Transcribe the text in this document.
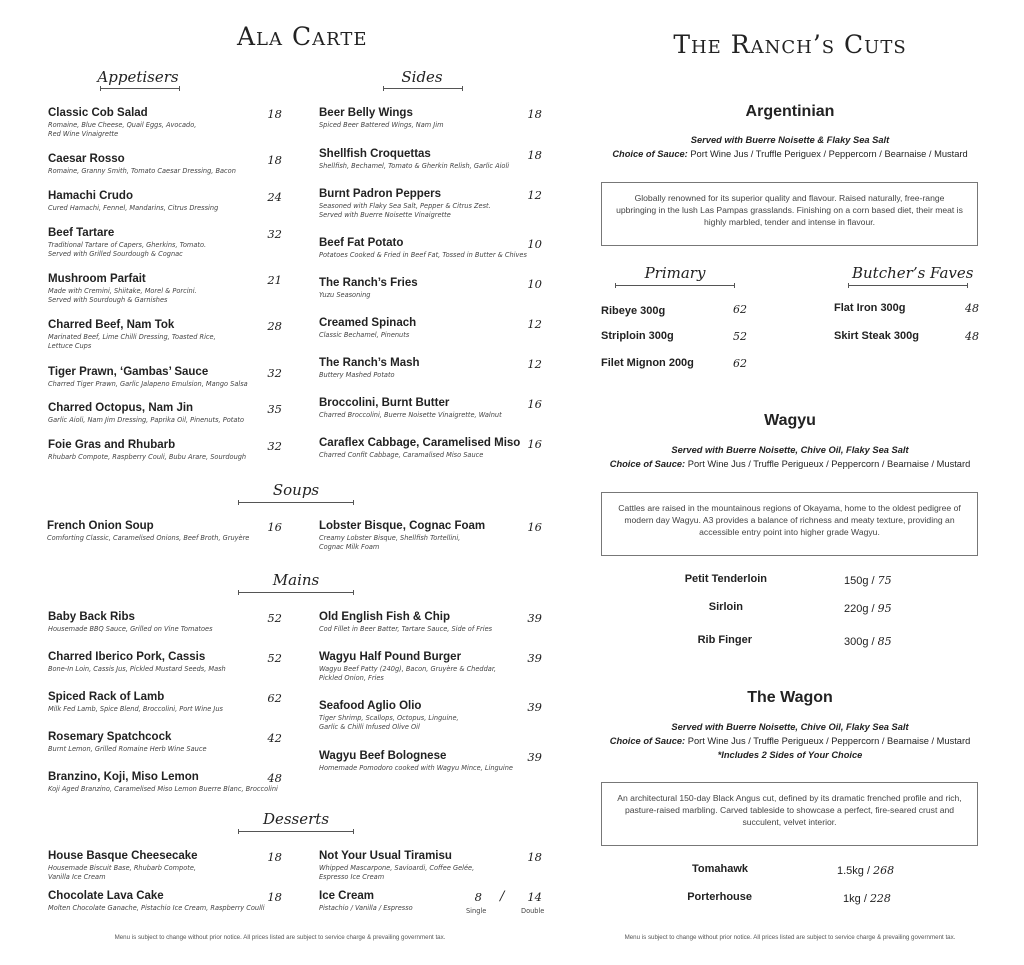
Ala Carte
Appetisers	Sides
Classic Cob Salad
Romaine, Blue Cheese, Quail Eggs, Avocado,
Red Wine Vinaigrette
18
Caesar Rosso
Romaine, Granny Smith, Tomato Caesar Dressing, Bacon
18
Hamachi Crudo
Cured Hamachi, Fennel, Mandarins, Citrus Dressing
24
Beef Tartare
Traditional Tartare of Capers, Gherkins, Tomato.
Served with Grilled Sourdough & Cognac
32
Mushroom Parfait
Made with Cremini, Shiitake, Morel & Porcini.
Served with Sourdough & Garnishes
21
Charred Beef, Nam Tok
Marinated Beef, Lime Chilli Dressing, Toasted Rice,
Lettuce Cups
28
Tiger Prawn, ‘Gambas’ Sauce
Charred Tiger Prawn, Garlic Jalapeno Emulsion, Mango Salsa
32
Charred Octopus, Nam Jin
Garlic Aioli, Nam Jim Dressing, Paprika Oil, Pinenuts, Potato
35
Foie Gras and Rhubarb
Rhubarb Compote, Raspberry Couli, Bubu Arare, Sourdough
32
Beer Belly Wings
Spiced Beer Battered Wings, Nam Jim
18
Shellfish Croquettas
Shellfish, Bechamel, Tomato & Gherkin Relish, Garlic Aioli
18
Burnt Padron Peppers
Seasoned with Flaky Sea Salt, Pepper & Citrus Zest.
Served with Buerre Noisette Vinaigrette
12
Beef Fat Potato
Potatoes Cooked & Fried in Beef Fat, Tossed in Butter & Chives
10
The Ranch’s Fries
Yuzu Seasoning
10
Creamed Spinach
Classic Bechamel, Pinenuts
12
The Ranch’s Mash
Buttery Mashed Potato
12
Broccolini, Burnt Butter
Charred Broccolini, Buerre Noisette Vinaigrette, Walnut
16
Caraflex Cabbage, Caramelised Miso
Charred Confit Cabbage, Caramalised Miso Sauce
16
Soups
French Onion Soup
Comforting Classic, Caramelised Onions, Beef Broth, Gruyère
16	Lobster Bisque, Cognac Foam
Creamy Lobster Bisque, Shellfish Tortellini,
Cognac Milk Foam
16
Mains
Baby Back Ribs
Housemade BBQ Sauce, Grilled on Vine Tomatoes
52
Charred Iberico Pork, Cassis
Bone-In Loin, Cassis Jus, Pickled Mustard Seeds, Mash
52
Spiced Rack of Lamb
Milk Fed Lamb, Spice Blend, Broccolini, Port Wine Jus
62
Rosemary Spatchcock
Burnt Lemon, Grilled Romaine Herb Wine Sauce
42
Branzino, Koji, Miso Lemon
Koji Aged Branzino, Caramelised Miso Lemon Buerre Blanc, Broccolini
48
Old English Fish & Chip
Cod Fillet in Beer Batter, Tartare Sauce, Side of Fries
39
Wagyu Half Pound Burger
Wagyu Beef Patty (240g), Bacon, Gruyère & Cheddar,
Pickled Onion, Fries
39
Seafood Aglio Olio
Tiger Shrimp, Scallops, Octopus, Linguine,
Garlic & Chilli Infused Olive Oil
39
Wagyu Beef Bolognese
Homemade Pomodoro cooked with Wagyu Mince, Linguine
39
Desserts
House Basque Cheesecake
Housemade Biscuit Base, Rhubarb Compote,
Vanilla Ice Cream
18
Chocolate Lava Cake
Molten Chocolate Ganache, Pistachio Ice Cream, Raspberry Coulli
18
Not Your Usual Tiramisu
Whipped Mascarpone, Savioardi, Coffee Gelée,
Espresso Ice Cream
18
Ice Cream
Pistachio / Vanilla / Espresso
8 /	14
Single	Double
Menu is subject to change without prior notice. All prices listed are subject to service charge & prevailing government tax.
The Ranch’s Cuts
Argentinian
Served with Buerre Noisette & Flaky Sea Salt
Choice of Sauce: Port Wine Jus / Truffle Periguex / Peppercorn / Bearnaise / Mustard
Globally renowned for its superior quality and flavour. Raised naturally, free-range upbringing in the lush Las Pampas grasslands. Finishing on a corn based diet, their meat is highly marbled, tender and intense in flavour.
Primary	Butcher’s Faves
Ribeye 300g	62
Striploin 300g	52
Filet Mignon 200g	62
Flat Iron 300g	48
Skirt Steak 300g	48
Wagyu
Served with Buerre Noisette, Chive Oil, Flaky Sea Salt
Choice of Sauce: Port Wine Jus / Truffle Perigueux / Peppercorn / Bearnaise / Mustard
Cattles are raised in the mountainous regions of Okayama, home to the oldest pedigree of modern day Wagyu. A3 provides a balance of richness and meaty texture, providing an accessible entry point into higher grade Wagyu.
Petit Tenderloin	150g / 75
Sirloin	220g / 95
Rib Finger	300g / 85
The Wagon
Served with Buerre Noisette, Chive Oil, Flaky Sea Salt
Choice of Sauce: Port Wine Jus / Truffle Perigueux / Peppercorn / Bearnaise / Mustard
*Includes 2 Sides of Your Choice
An architectural 150-day Black Angus cut, defined by its dramatic frenched profile and rich, pasture-raised marbling. Carved tableside to showcase a perfect, fire-seared crust and succulent, velvet interior.
Tomahawk	1.5kg / 268
Porterhouse	1kg / 228
Menu is subject to change without prior notice. All prices listed are subject to service charge & prevailing government tax.
